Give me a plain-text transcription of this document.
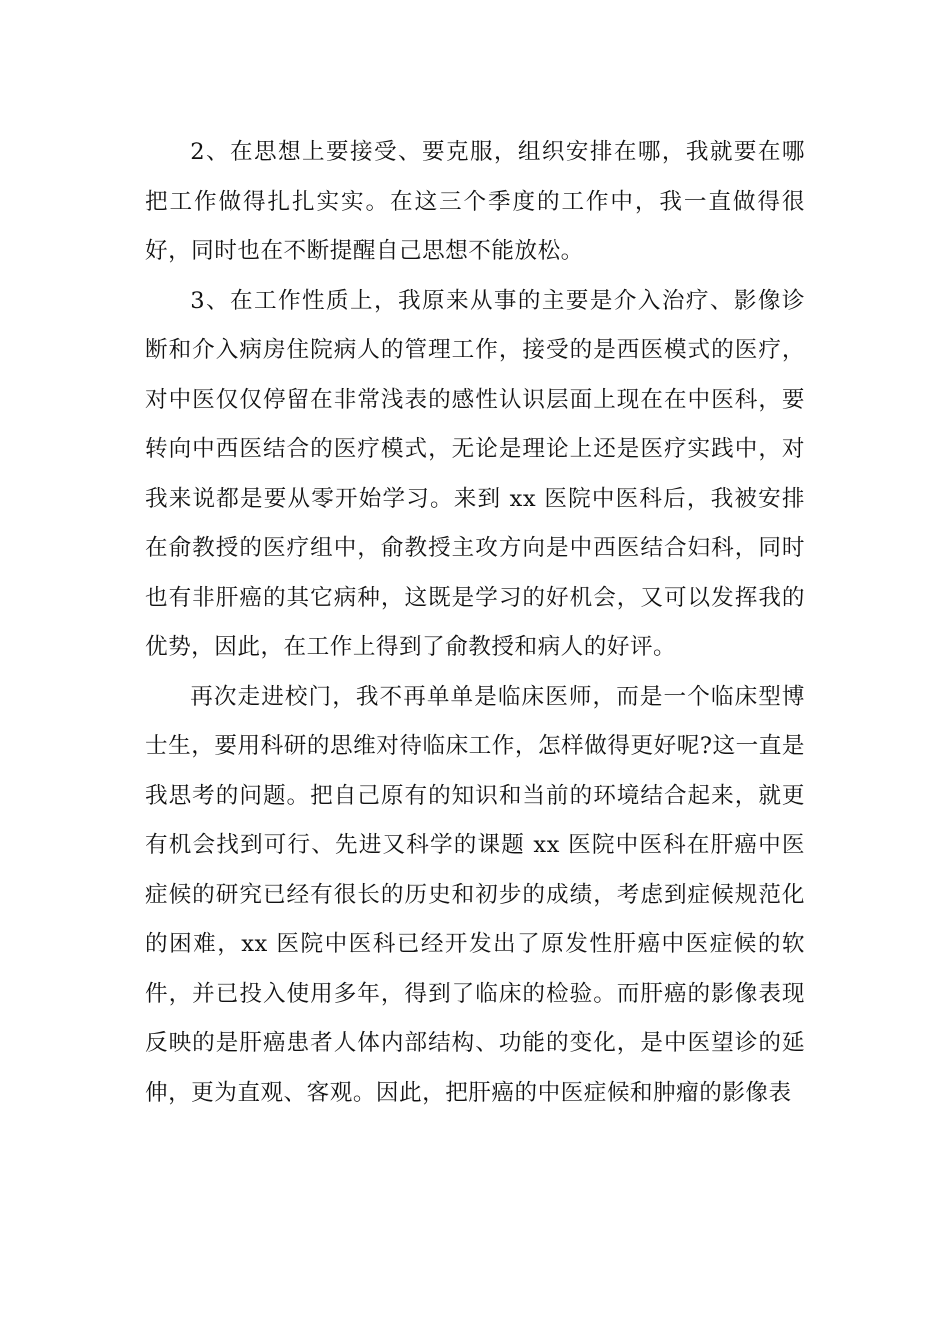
2、在思想上要接受、要克服，组织安排在哪，我就要在哪把工作做得扎扎实实。在这三个季度的工作中，我一直做得很好，同时也在不断提醒自己思想不能放松。

3、在工作性质上，我原来从事的主要是介入治疗、影像诊断和介入病房住院病人的管理工作，接受的是西医模式的医疗，对中医仅仅停留在非常浅表的感性认识层面上现在在中医科，要转向中西医结合的医疗模式，无论是理论上还是医疗实践中，对我来说都是要从零开始学习。来到 xx 医院中医科后，我被安排在俞教授的医疗组中，俞教授主攻方向是中西医结合妇科，同时也有非肝癌的其它病种，这既是学习的好机会，又可以发挥我的优势，因此，在工作上得到了俞教授和病人的好评。

再次走进校门，我不再单单是临床医师，而是一个临床型博士生，要用科研的思维对待临床工作，怎样做得更好呢?这一直是我思考的问题。把自己原有的知识和当前的环境结合起来，就更有机会找到可行、先进又科学的课题 xx 医院中医科在肝癌中医症候的研究已经有很长的历史和初步的成绩，考虑到症候规范化的困难，xx 医院中医科已经开发出了原发性肝癌中医症候的软件，并已投入使用多年，得到了临床的检验。而肝癌的影像表现反映的是肝癌患者人体内部结构、功能的变化，是中医望诊的延伸，更为直观、客观。因此，把肝癌的中医症候和肿瘤的影像表
